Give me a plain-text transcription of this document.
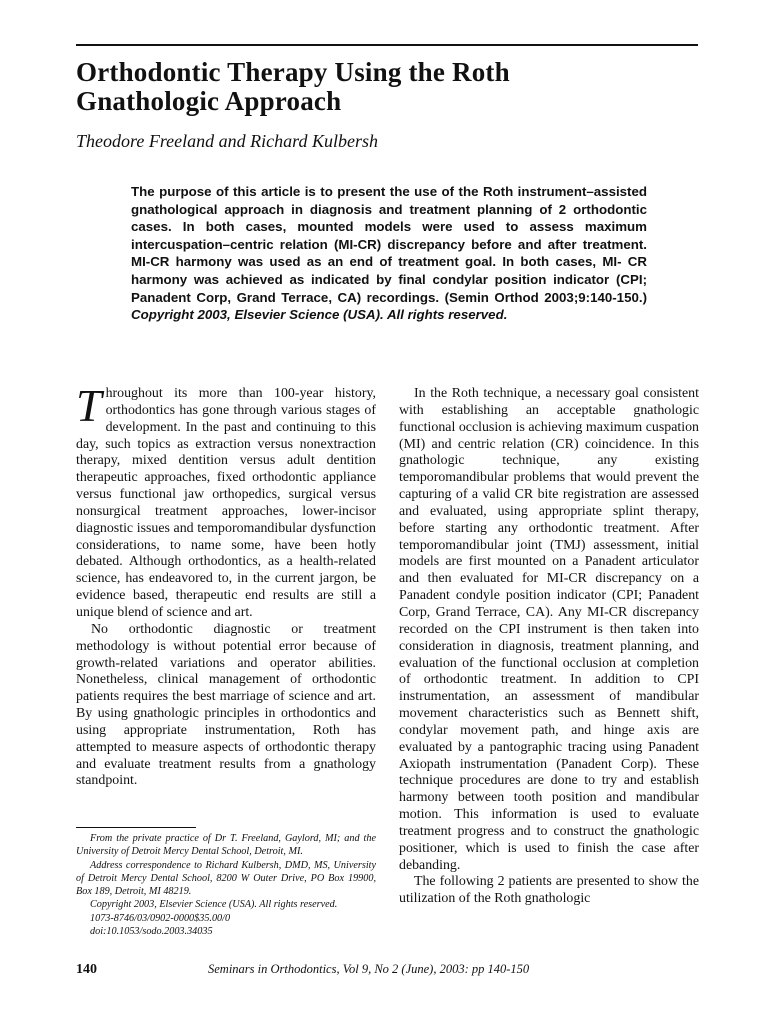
Orthodontic Therapy Using the Roth Gnathologic Approach
Theodore Freeland and Richard Kulbersh
The purpose of this article is to present the use of the Roth instrument–assisted gnathological approach in diagnosis and treatment planning of 2 orthodontic cases. In both cases, mounted models were used to assess maximum intercuspation–centric relation (MI-CR) discrepancy before and after treatment. MI-CR harmony was used as an end of treatment goal. In both cases, MI- CR harmony was achieved as indicated by final condylar position indicator (CPI; Panadent Corp, Grand Terrace, CA) recordings. (Semin Orthod 2003;9:140-150.) Copyright 2003, Elsevier Science (USA). All rights reserved.

Throughout its more than 100-year history, orthodontics has gone through various stages of development. In the past and continuing to this day, such topics as extraction versus nonextraction therapy, mixed dentition versus adult dentition therapeutic approaches, fixed orthodontic appliance versus functional jaw orthopedics, surgical versus nonsurgical treatment approaches, lower-incisor diagnostic issues and temporomandibular dysfunction considerations, to name some, have been hotly debated. Although orthodontics, as a health-related science, has endeavored to, in the current jargon, be evidence based, therapeutic end results are still a unique blend of science and art.

No orthodontic diagnostic or treatment methodology is without potential error because of growth-related variations and operator abilities. Nonetheless, clinical management of orthodontic patients requires the best marriage of science and art. By using gnathologic principles in orthodontics and using appropriate instrumentation, Roth has attempted to measure aspects of orthodontic therapy and evaluate treatment results from a gnathology standpoint.

In the Roth technique, a necessary goal consistent with establishing an acceptable gnathologic functional occlusion is achieving maximum cuspation (MI) and centric relation (CR) coincidence. In this gnathologic technique, any existing temporomandibular problems that would prevent the capturing of a valid CR bite registration are assessed and evaluated, using appropriate splint therapy, before starting any orthodontic treatment. After temporomandibular joint (TMJ) assessment, initial models are first mounted on a Panadent articulator and then evaluated for MI-CR discrepancy on a Panadent condyle position indicator (CPI; Panadent Corp, Grand Terrace, CA). Any MI-CR discrepancy recorded on the CPI instrument is then taken into consideration in diagnosis, treatment planning, and evaluation of the functional occlusion at completion of orthodontic treatment. In addition to CPI instrumentation, an assessment of mandibular movement characteristics such as Bennett shift, condylar movement path, and hinge axis are evaluated by a pantographic tracing using Panadent Axiopath instrumentation (Panadent Corp). These technique procedures are done to try and establish harmony between tooth position and mandibular motion. This information is used to evaluate treatment progress and to construct the gnathologic positioner, which is used to finish the case after debanding.

The following 2 patients are presented to show the utilization of the Roth gnathologic

From the private practice of Dr T. Freeland, Gaylord, MI; and the University of Detroit Mercy Dental School, Detroit, MI.

Address correspondence to Richard Kulbersh, DMD, MS, University of Detroit Mercy Dental School, 8200 W Outer Drive, PO Box 19900, Box 189, Detroit, MI 48219.

Copyright 2003, Elsevier Science (USA). All rights reserved.

1073-8746/03/0902-0000$35.00/0

doi:10.1053/sodo.2003.34035

140	Seminars in Orthodontics, Vol 9, No 2 (June), 2003: pp 140-150
